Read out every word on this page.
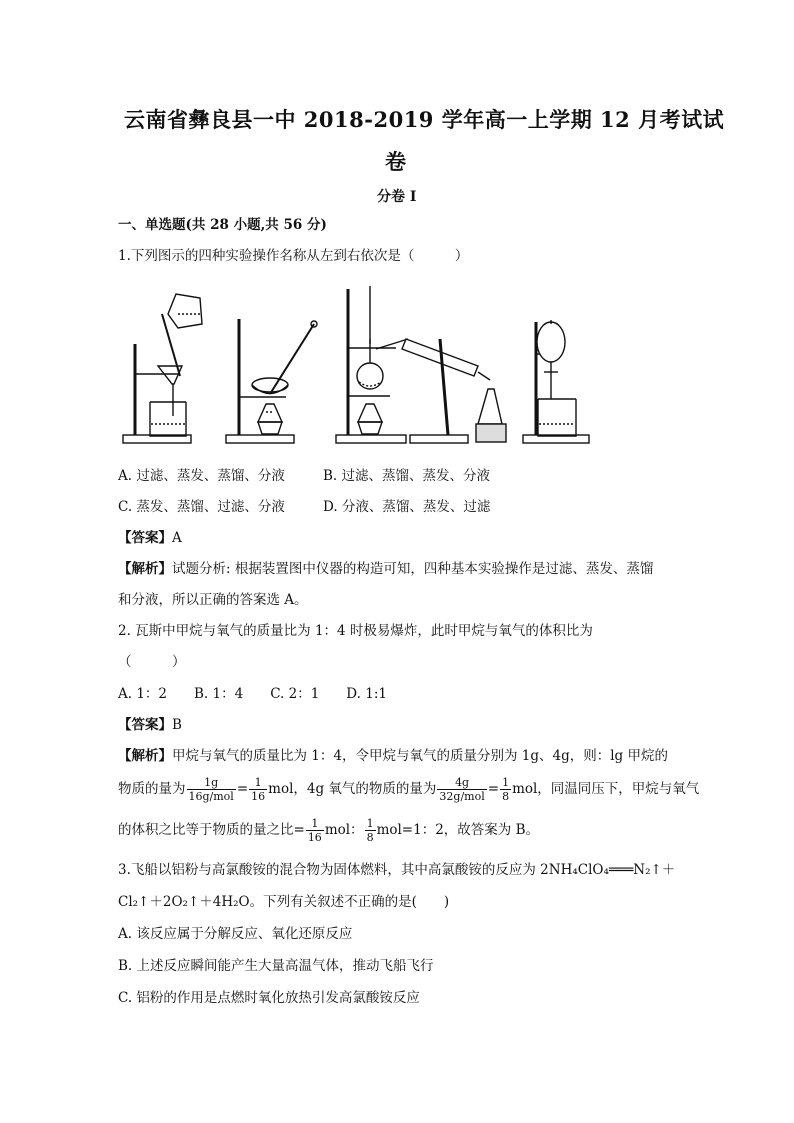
云南省彝良县一中 2018-2019 学年高一上学期 12 月考试试
卷
分卷 I
一、单选题(共 28 小题,共 56 分)
1.下列图示的四种实验操作名称从左到右依次是（　　　）
A. 过滤、蒸发、蒸馏、分液	B. 过滤、蒸馏、蒸发、分液
C. 蒸发、蒸馏、过滤、分液	D. 分液、蒸馏、蒸发、过滤
【答案】A
【解析】试题分析: 根据装置图中仪器的构造可知，四种基本实验操作是过滤、蒸发、蒸馏
和分液，所以正确的答案选 A。
2. 瓦斯中甲烷与氧气的质量比为 1：4 时极易爆炸，此时甲烷与氧气的体积比为
（　　　）
A. 1：2　　B. 1：4　　C. 2：1　　D. 1:1
【答案】B
【解析】甲烷与氧气的质量比为 1：4，令甲烷与氧气的质量分别为 1g、4g，则：lg 甲烷的
物质的量为 $\frac{1g}{\text{16g/mol}} = \frac{1}{16}$ mol，4g 氧气的物质的量为 $\frac{4g}{\text{32g/mol}} = \frac{1}{8}$ mol，同温同压下，甲烷与氧气
的体积之比等于物质的量之比= $\frac{1}{16}$ mol： $\frac{1}{8} mol=1$：2，故答案为 B。
3.飞船以铝粉与高氯酸铵的混合物为固体燃料，其中高氯酸铵的反应为 2NH₄ClO₄═══N₂↑＋
Cl₂↑＋2O₂↑＋4H₂O。下列有关叙述不正确的是(　　)
A. 该反应属于分解反应、氧化还原反应
B. 上述反应瞬间能产生大量高温气体，推动飞船飞行
C. 铝粉的作用是点燃时氧化放热引发高氯酸铵反应
